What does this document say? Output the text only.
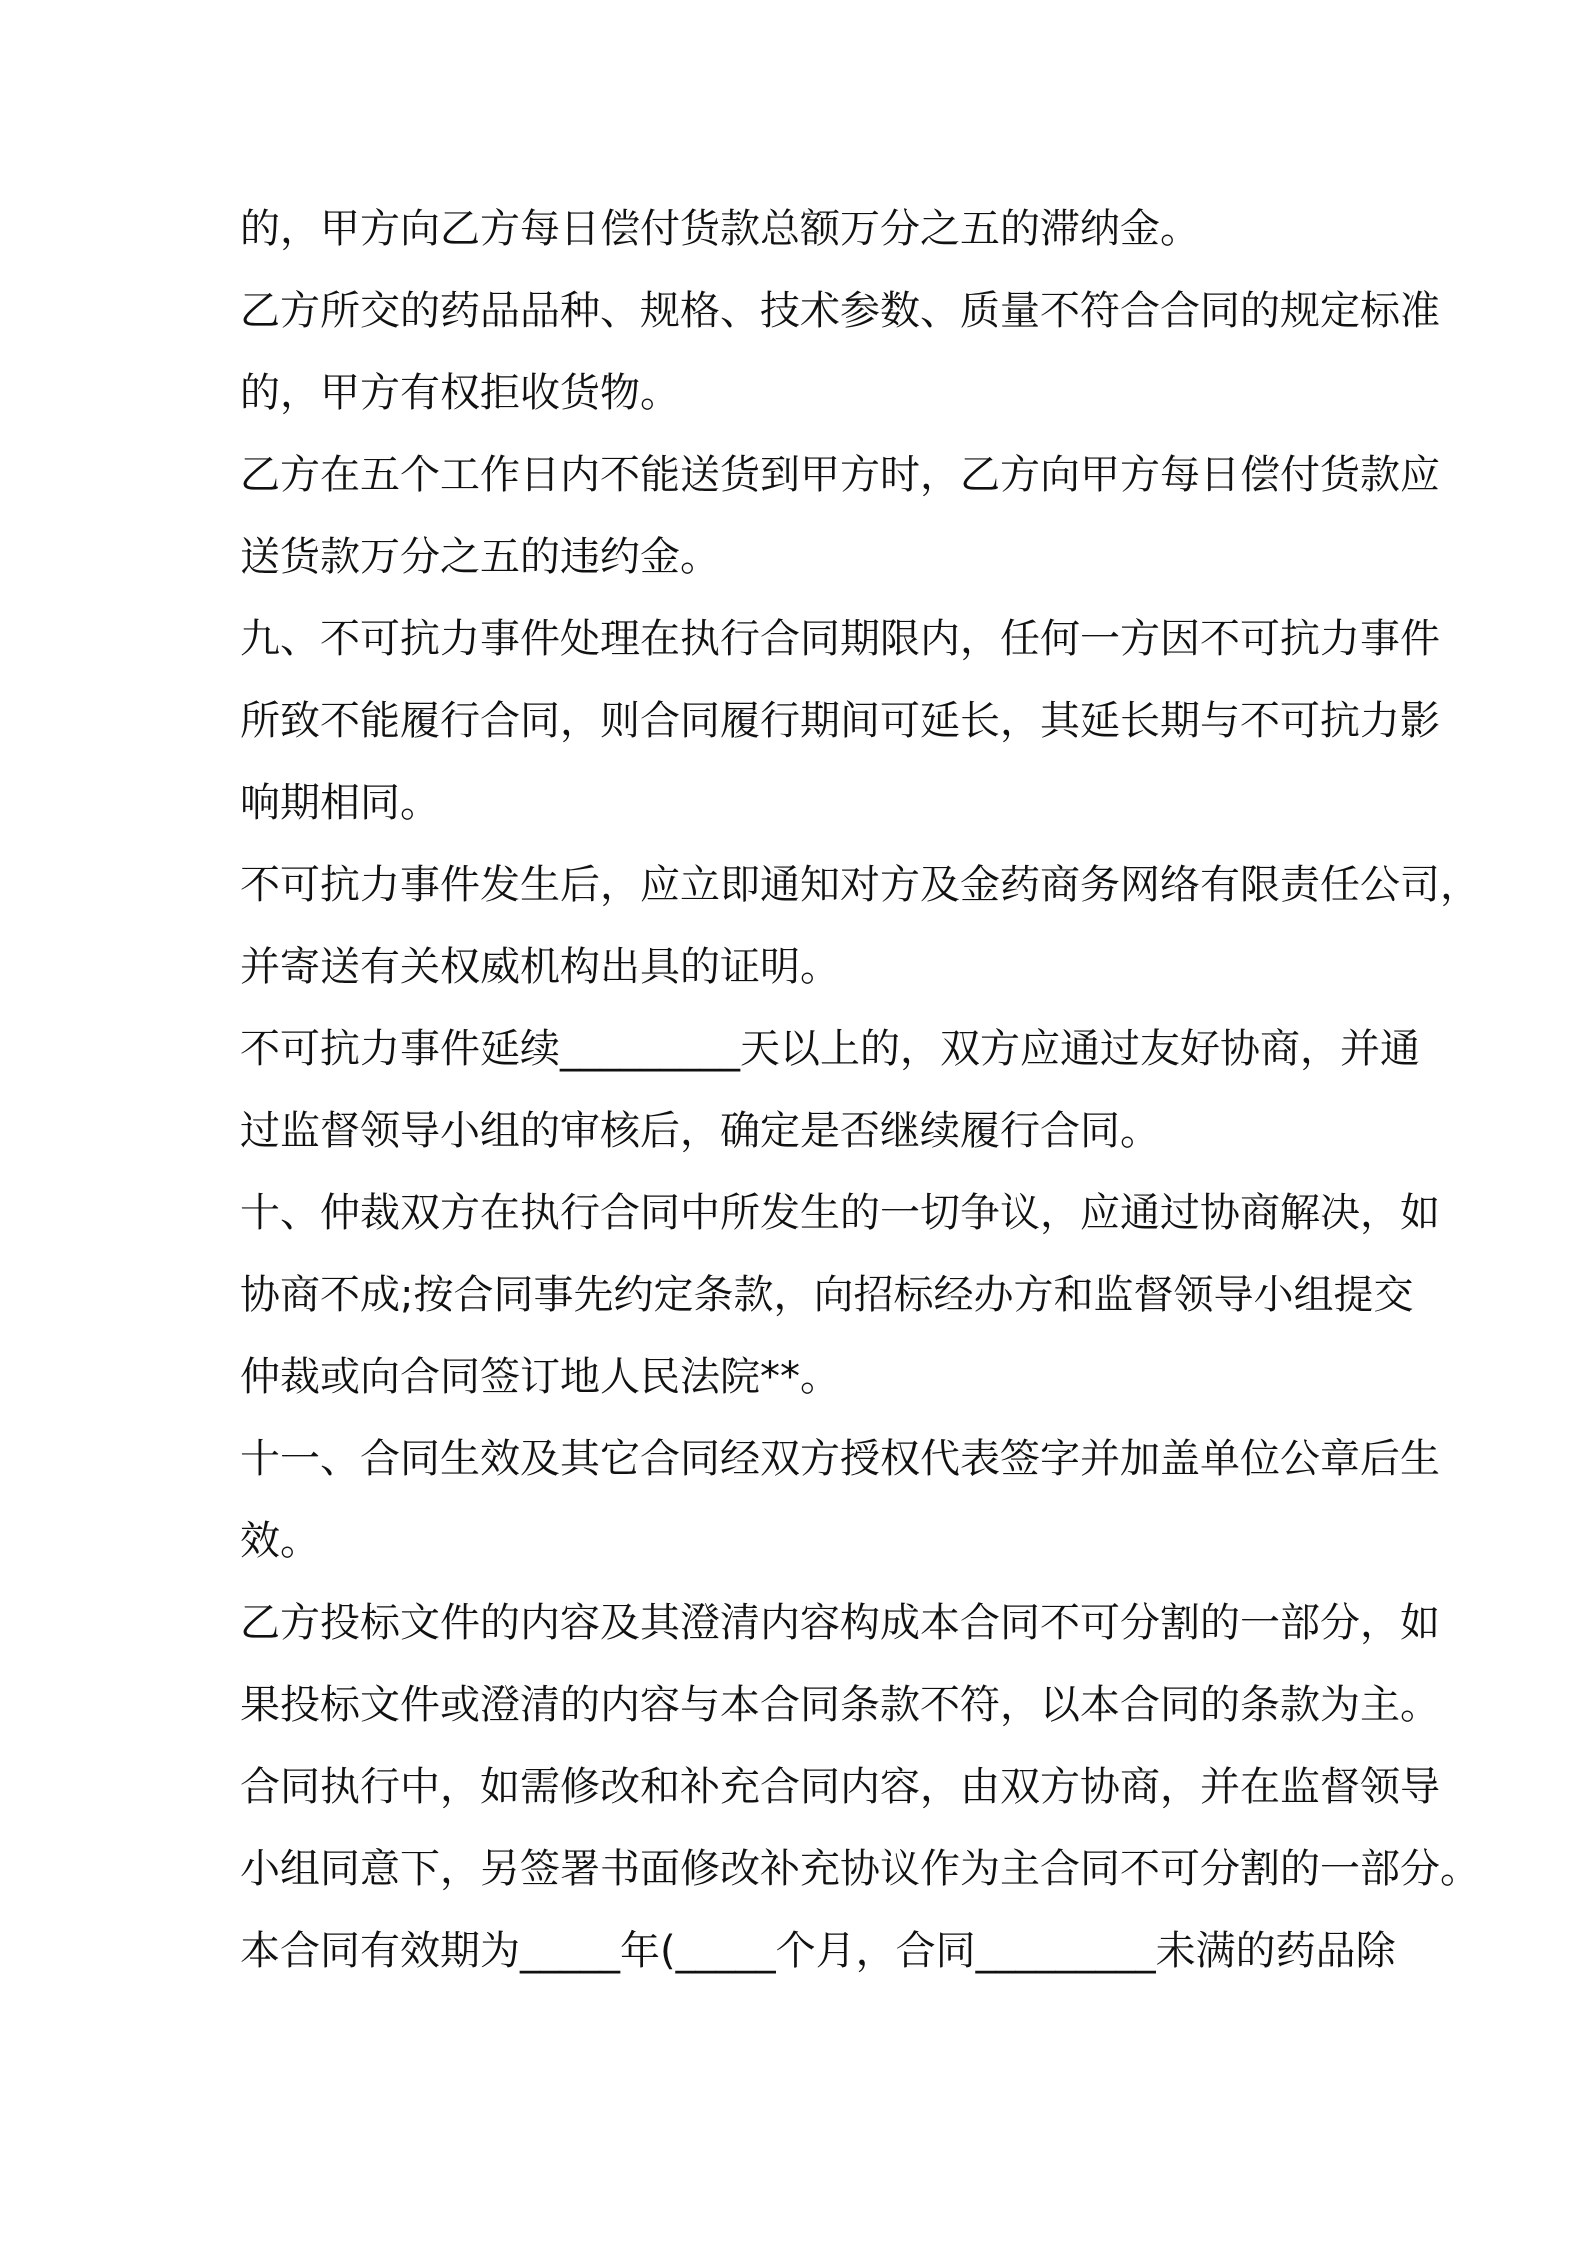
的，甲方向乙方每日偿付货款总额万分之五的滞纳金。
乙方所交的药品品种、规格、技术参数、质量不符合合同的规定标准
的，甲方有权拒收货物。
乙方在五个工作日内不能送货到甲方时，乙方向甲方每日偿付货款应
送货款万分之五的违约金。
九、不可抗力事件处理在执行合同期限内，任何一方因不可抗力事件
所致不能履行合同，则合同履行期间可延长，其延长期与不可抗力影
响期相同。
不可抗力事件发生后，应立即通知对方及金药商务网络有限责任公司，
并寄送有关权威机构出具的证明。
不可抗力事件延续_________天以上的，双方应通过友好协商，并通
过监督领导小组的审核后，确定是否继续履行合同。
十、仲裁双方在执行合同中所发生的一切争议，应通过协商解决，如
协商不成;按合同事先约定条款，向招标经办方和监督领导小组提交
仲裁或向合同签订地人民法院**。
十一、合同生效及其它合同经双方授权代表签字并加盖单位公章后生
效。
乙方投标文件的内容及其澄清内容构成本合同不可分割的一部分，如
果投标文件或澄清的内容与本合同条款不符，以本合同的条款为主。
合同执行中，如需修改和补充合同内容，由双方协商，并在监督领导
小组同意下，另签署书面修改补充协议作为主合同不可分割的一部分。
本合同有效期为_____年(_____个月，合同_________未满的药品除
